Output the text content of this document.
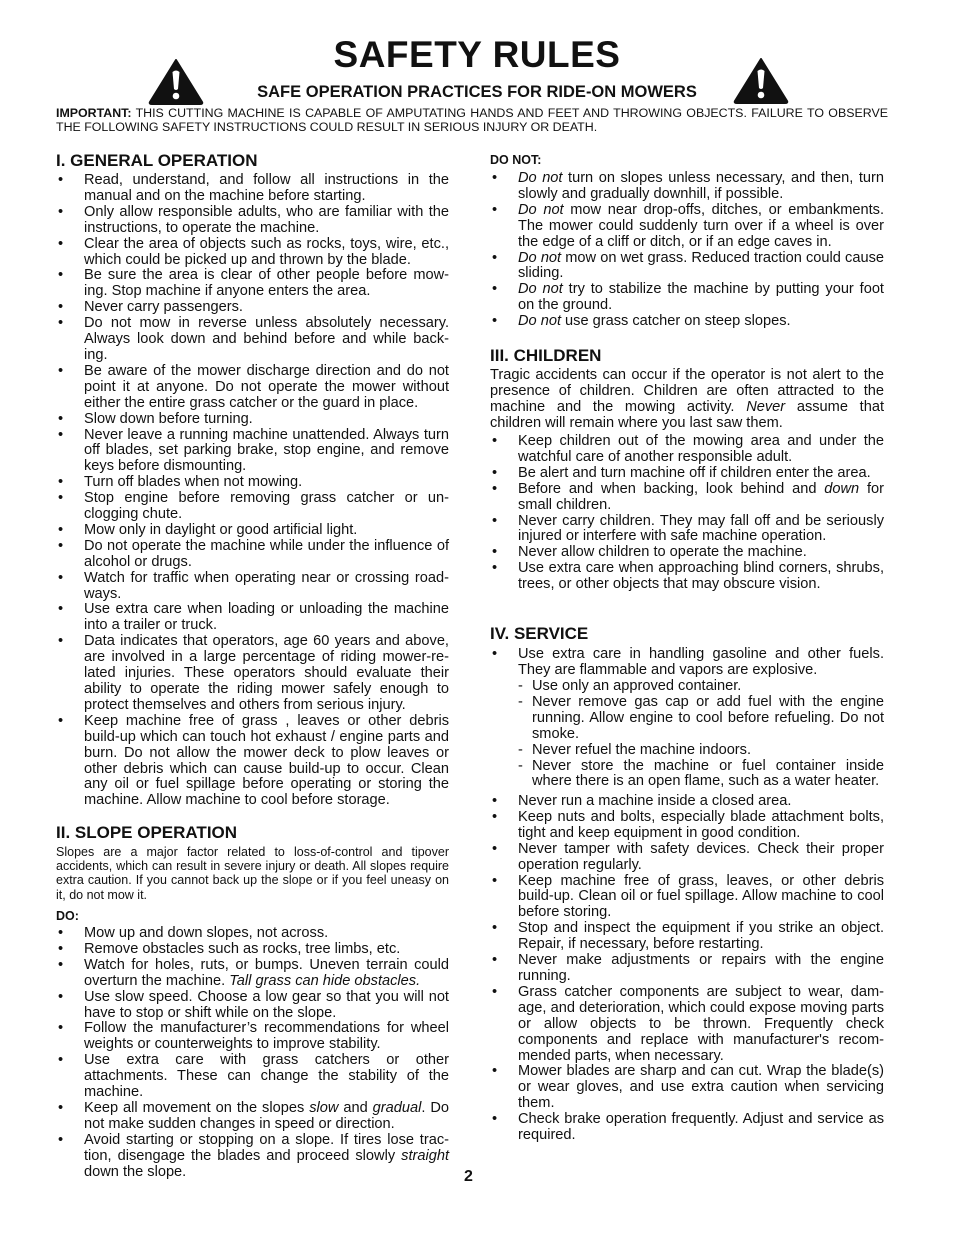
SAFETY RULES
SAFE OPERATION PRACTICES FOR RIDE-ON MOWERS
IMPORTANT: THIS CUTTING MACHINE IS CAPABLE OF AMPUTATING HANDS AND FEET AND THROWING OBJECTS. FAILURE TO OBSERVE THE FOLLOWING SAFETY INSTRUCTIONS COULD RESULT IN SERIOUS INJURY OR DEATH.
I. GENERAL OPERATION
• Read, understand, and follow all instructions in the manual and on the machine before starting.
• Only allow responsible adults, who are familiar with the instructions, to operate the machine.
• Clear the area of objects such as rocks, toys, wire, etc., which could be picked up and thrown by the blade.
• Be sure the area is clear of other people before mow-ing. Stop machine if anyone enters the area.
• Never carry passengers.
• Do not mow in reverse unless absolutely necessary. Always look down and behind before and while back-ing.
• Be aware of the mower discharge direction and do not point it at anyone. Do not operate the mower without either the entire grass catcher or the guard in place.
• Slow down before turning.
• Never leave a running machine unattended. Always turn off blades, set parking brake, stop engine, and remove keys before dismounting.
• Turn off blades when not mowing.
• Stop engine before removing grass catcher or un-clogging chute.
• Mow only in daylight or good artificial light.
• Do not operate the machine while under the influence of alcohol or drugs.
• Watch for traffic when operating near or crossing road-ways.
• Use extra care when loading or unloading the machine into a trailer or truck.
• Data indicates that operators, age 60 years and above, are involved in a large percentage of riding mower-re-lated injuries. These operators should evaluate their ability to operate the riding mower safely enough to protect themselves and others from serious injury.
• Keep machine free of grass , leaves or other debris build-up which can touch hot exhaust / engine parts and burn. Do not allow the mower deck to plow leaves or other debris which can cause build-up to occur. Clean any oil or fuel spillage before operating or storing the machine. Allow machine to cool before storage.
II. SLOPE OPERATION
Slopes are a major factor related to loss-of-control and tipover accidents, which can result in severe injury or death. All slopes require extra caution. If you cannot back up the slope or if you feel uneasy on it, do not mow it.
DO:
• Mow up and down slopes, not across.
• Remove obstacles such as rocks, tree limbs, etc.
• Watch for holes, ruts, or bumps. Uneven terrain could overturn the machine. Tall grass can hide obstacles.
• Use slow speed. Choose a low gear so that you will not have to stop or shift while on the slope.
• Follow the manufacturer’s recommendations for wheel weights or counterweights to improve stability.
• Use extra care with grass catchers or other attachments. These can change the stability of the machine.
• Keep all movement on the slopes slow and gradual. Do not make sudden changes in speed or direction.
• Avoid starting or stopping on a slope. If tires lose trac-tion, disengage the blades and proceed slowly straight down the slope.
DO NOT:
• Do not turn on slopes unless necessary, and then, turn slowly and gradually downhill, if possible.
• Do not mow near drop-offs, ditches, or embankments. The mower could suddenly turn over if a wheel is over the edge of a cliff or ditch, or if an edge caves in.
• Do not mow on wet grass. Reduced traction could cause sliding.
• Do not try to stabilize the machine by putting your foot on the ground.
• Do not use grass catcher on steep slopes.
III. CHILDREN
Tragic accidents can occur if the operator is not alert to the presence of children. Children are often attracted to the machine and the mowing activity. Never assume that children will remain where you last saw them.
• Keep children out of the mowing area and under the watchful care of another responsible adult.
• Be alert and turn machine off if children enter the area.
• Before and when backing, look behind and down for small children.
• Never carry children. They may fall off and be seriously injured or interfere with safe machine operation.
• Never allow children to operate the machine.
• Use extra care when approaching blind corners, shrubs, trees, or other objects that may obscure vision.
IV. SERVICE
• Use extra care in handling gasoline and other fuels. They are flammable and vapors are explosive.
- Use only an approved container.
- Never remove gas cap or add fuel with the engine running. Allow engine to cool before refueling. Do not smoke.
- Never refuel the machine indoors.
- Never store the machine or fuel container inside where there is an open flame, such as a water heater.
• Never run a machine inside a closed area.
• Keep nuts and bolts, especially blade attachment bolts, tight and keep equipment in good condition.
• Never tamper with safety devices. Check their proper operation regularly.
• Keep machine free of grass, leaves, or other debris build-up. Clean oil or fuel spillage. Allow machine to cool before storing.
• Stop and inspect the equipment if you strike an object. Repair, if necessary, before restarting.
• Never make adjustments or repairs with the engine running.
• Grass catcher components are subject to wear, dam-age, and deterioration, which could expose moving parts or allow objects to be thrown. Frequently check components and replace with manufacturer's recom-mended parts, when necessary.
• Mower blades are sharp and can cut. Wrap the blade(s) or wear gloves, and use extra caution when servicing them.
• Check brake operation frequently. Adjust and service as required.
2
